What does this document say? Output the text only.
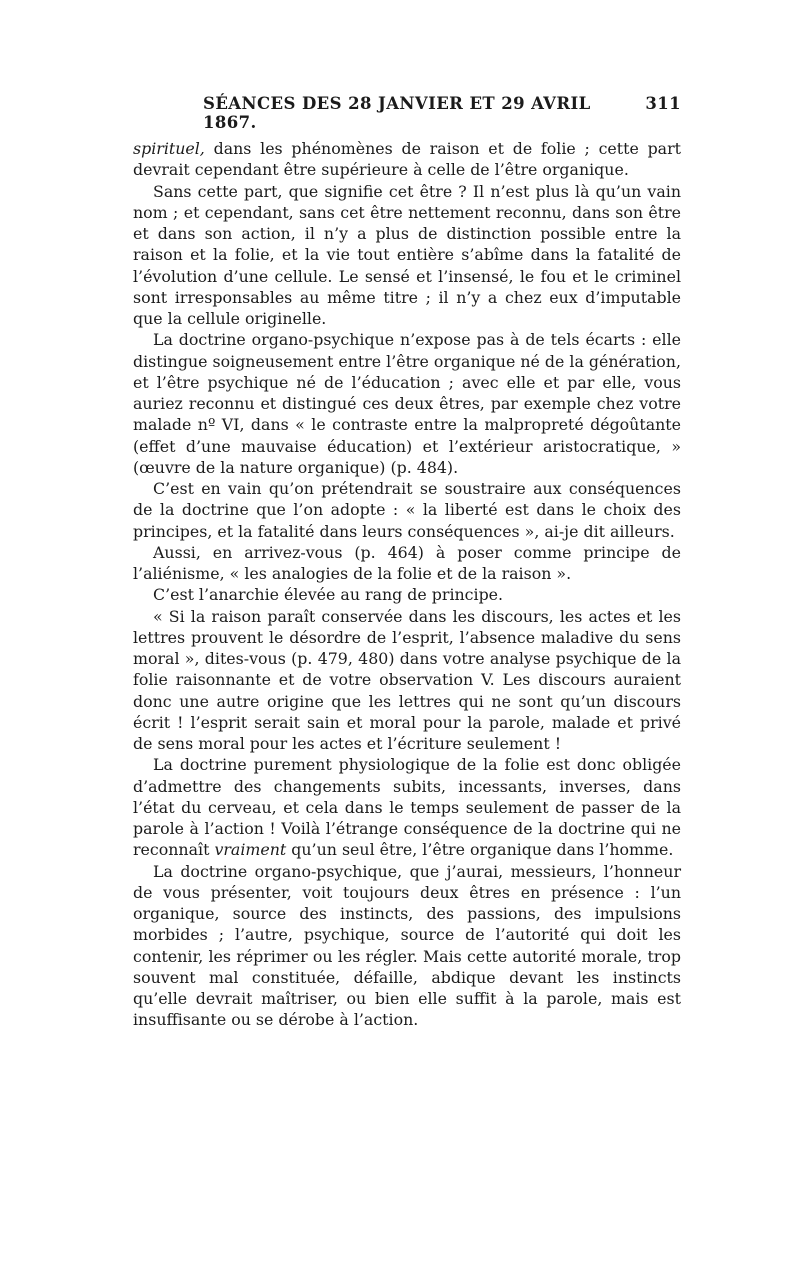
SÉANCES DES 28 JANVIER ET 29 AVRIL 1867.
311

spirituel, dans les phénomènes de raison et de folie ; cette part devrait cependant être supérieure à celle de l’être organique.

Sans cette part, que signifie cet être ? Il n’est plus là qu’un vain nom ; et cependant, sans cet être nettement reconnu, dans son être et dans son action, il n’y a plus de distinction possible entre la raison et la folie, et la vie tout entière s’abîme dans la fatalité de l’évolution d’une cellule. Le sensé et l’insensé, le fou et le criminel sont irresponsables au même titre ; il n’y a chez eux d’imputable que la cellule originelle.

La doctrine organo-psychique n’expose pas à de tels écarts : elle distingue soigneusement entre l’être organique né de la génération, et l’être psychique né de l’éducation ; avec elle et par elle, vous auriez reconnu et distingué ces deux êtres, par exemple chez votre malade nº VI, dans « le contraste entre la malpropreté dégoûtante (effet d’une mauvaise éducation) et l’extérieur aristocratique, » (œuvre de la nature organique) (p. 484).

C’est en vain qu’on prétendrait se soustraire aux conséquences de la doctrine que l’on adopte : « la liberté est dans le choix des principes, et la fatalité dans leurs conséquences », ai-je dit ailleurs.

Aussi, en arrivez-vous (p. 464) à poser comme principe de l’aliénisme, « les analogies de la folie et de la raison ».

C’est l’anarchie élevée au rang de principe.

« Si la raison paraît conservée dans les discours, les actes et les lettres prouvent le désordre de l’esprit, l’absence maladive du sens moral », dites-vous (p. 479, 480) dans votre analyse psychique de la folie raisonnante et de votre observation V. Les discours auraient donc une autre origine que les lettres qui ne sont qu’un discours écrit ! l’esprit serait sain et moral pour la parole, malade et privé de sens moral pour les actes et l’écriture seulement !

La doctrine purement physiologique de la folie est donc obligée d’admettre des changements subits, incessants, inverses, dans l’état du cerveau, et cela dans le temps seulement de passer de la parole à l’action ! Voilà l’étrange conséquence de la doctrine qui ne reconnaît vraiment qu’un seul être, l’être organique dans l’homme.

La doctrine organo-psychique, que j’aurai, messieurs, l’honneur de vous présenter, voit toujours deux êtres en présence : l’un organique, source des instincts, des passions, des impulsions morbides ; l’autre, psychique, source de l’autorité qui doit les contenir, les réprimer ou les régler. Mais cette autorité morale, trop souvent mal constituée, défaille, abdique devant les instincts qu’elle devrait maîtriser, ou bien elle suffit à la parole, mais est insuffisante ou se dérobe à l’action.
